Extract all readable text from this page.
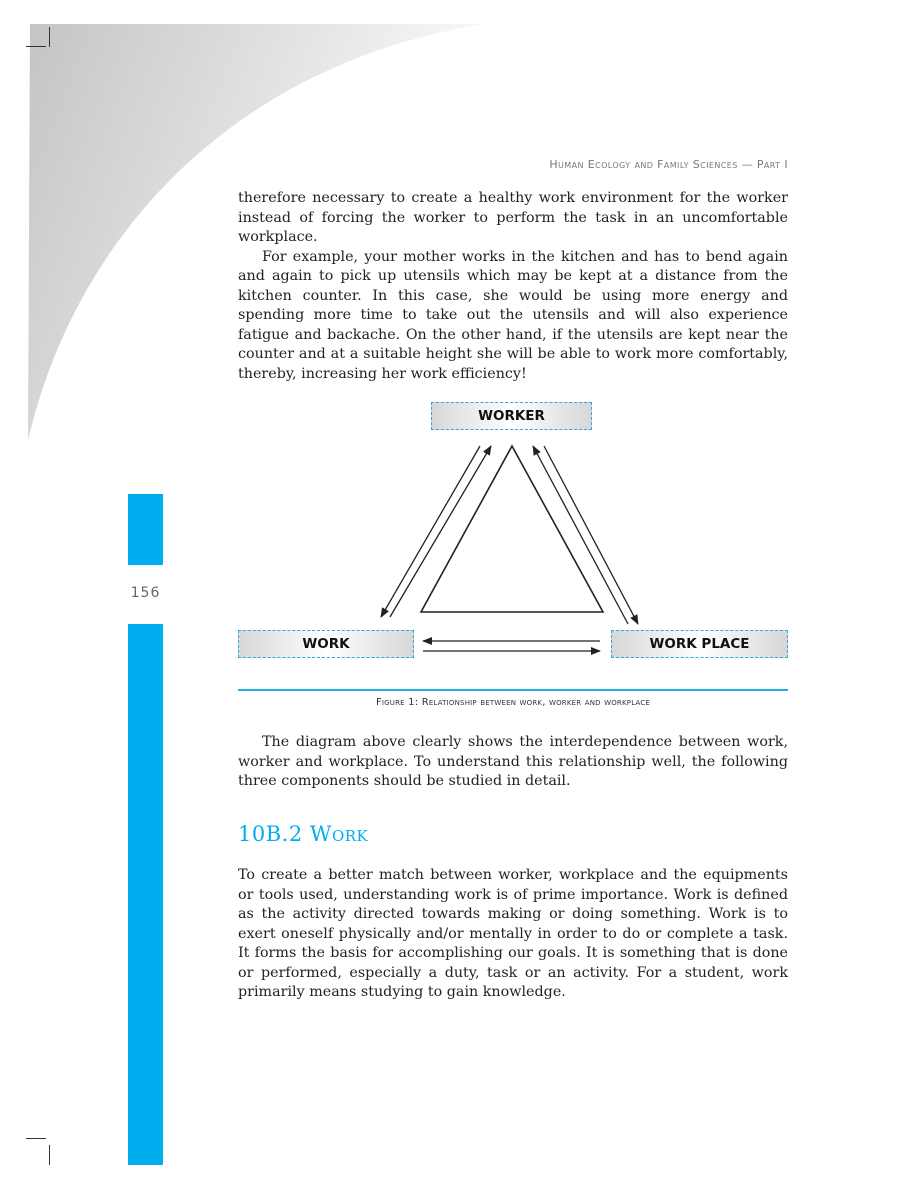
156
Human Ecology and Family Sciences — Part I

therefore necessary to create a healthy work environment for the worker instead of forcing the worker to perform the task in an uncomfortable workplace.

For example, your mother works in the kitchen and has to bend again and again to pick up utensils which may be kept at a distance from the kitchen counter. In this case, she would be using more energy and spending more time to take out the utensils and will also experience fatigue and backache. On the other hand, if the utensils are kept near the counter and at a suitable height she will be able to work more comfortably, thereby, increasing her work efficiency!

WORKER
WORK	WORK PLACE
Figure 1: Relationship between work, worker and workplace

The diagram above clearly shows the interdependence between work, worker and workplace. To understand this relationship well, the following three components should be studied in detail.

10B.2 Work

To create a better match between worker, workplace and the equipments or tools used, understanding work is of prime importance. Work is defined as the activity directed towards making or doing something. Work is to exert oneself physically and/or mentally in order to do or complete a task. It forms the basis for accomplishing our goals. It is something that is done or performed, especially a duty, task or an activity. For a student, work primarily means studying to gain knowledge.
